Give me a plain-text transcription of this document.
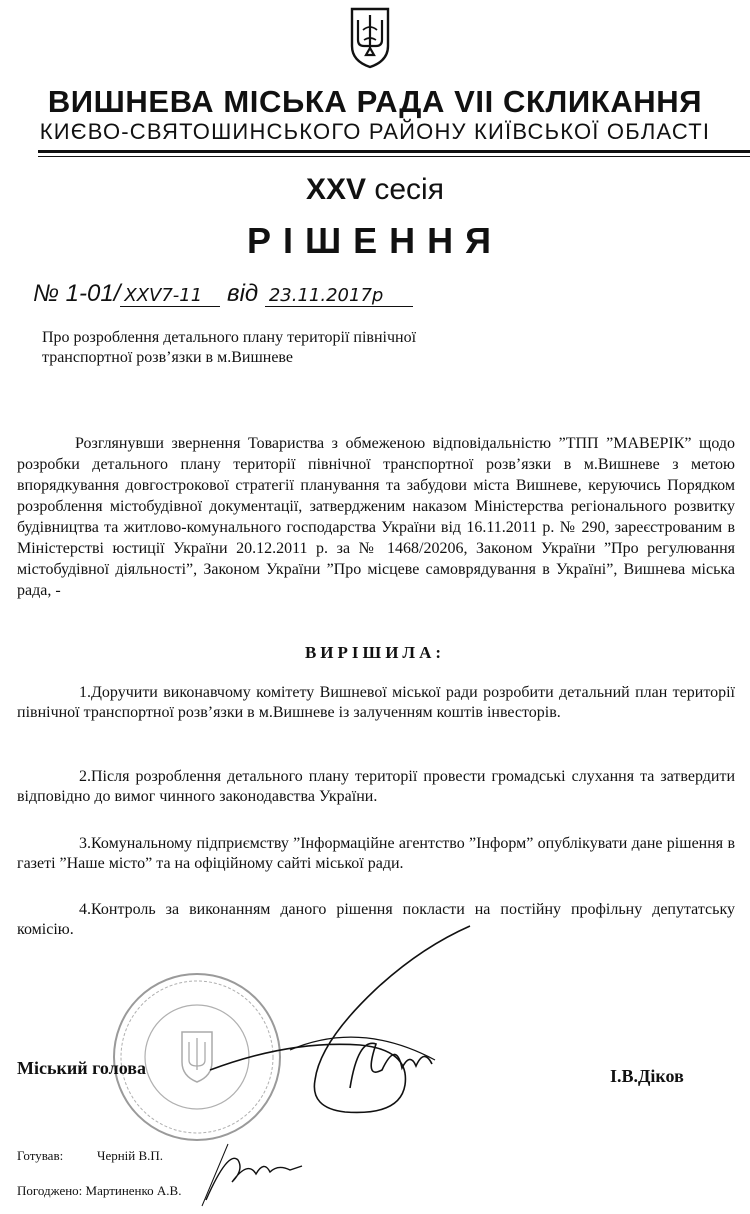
ВИШНЕВА МІСЬКА РАДА VII СКЛИКАННЯ
КИЄВО-СВЯТОШИНСЬКОГО РАЙОНУ КИЇВСЬКОЇ ОБЛАСТІ
XXV сесія
РІШЕННЯ
№ 1-01/ XXV7-11 від 23.11.2017р
Про розроблення детального плану території північної транспортної розв’язки в м.Вишневе
Розглянувши звернення Товариства з обмеженою відповідальністю ”ТПП ”МАВЕРІК” щодо розробки детального плану території північної транспортної розв’язки в м.Вишневе з метою впорядкування довгострокової стратегії планування та забудови міста Вишневе, керуючись Порядком розроблення містобудівної документації, затвердженим наказом Міністерства регіонального розвитку будівництва та житлово-комунального господарства України від 16.11.2011 р. № 290, зареєстрованим в Міністерстві юстиції України 20.12.2011 р. за № 1468/20206, Законом України ”Про регулювання містобудівної діяльності”, Законом України ”Про місцеве самоврядування в Україні”, Вишнева міська рада, -
ВИРІШИЛА:
1.Доручити виконавчому комітету Вишневої міської ради розробити детальний план території північної транспортної розв’язки в м.Вишневе із залученням коштів інвесторів.
2.Після розроблення детального плану території провести громадські слухання та затвердити відповідно до вимог чинного законодавства України.
3.Комунальному підприємству ”Інформаційне агентство ”Інформ” опублікувати дане рішення в газеті ”Наше місто” та на офіційному сайті міської ради.
4.Контроль за виконанням даного рішення покласти на постійну профільну депутатську комісію.
Міський голова	І.В.Діков
Готував:	Черній В.П.
Погоджено: Мартиненко А.В.
